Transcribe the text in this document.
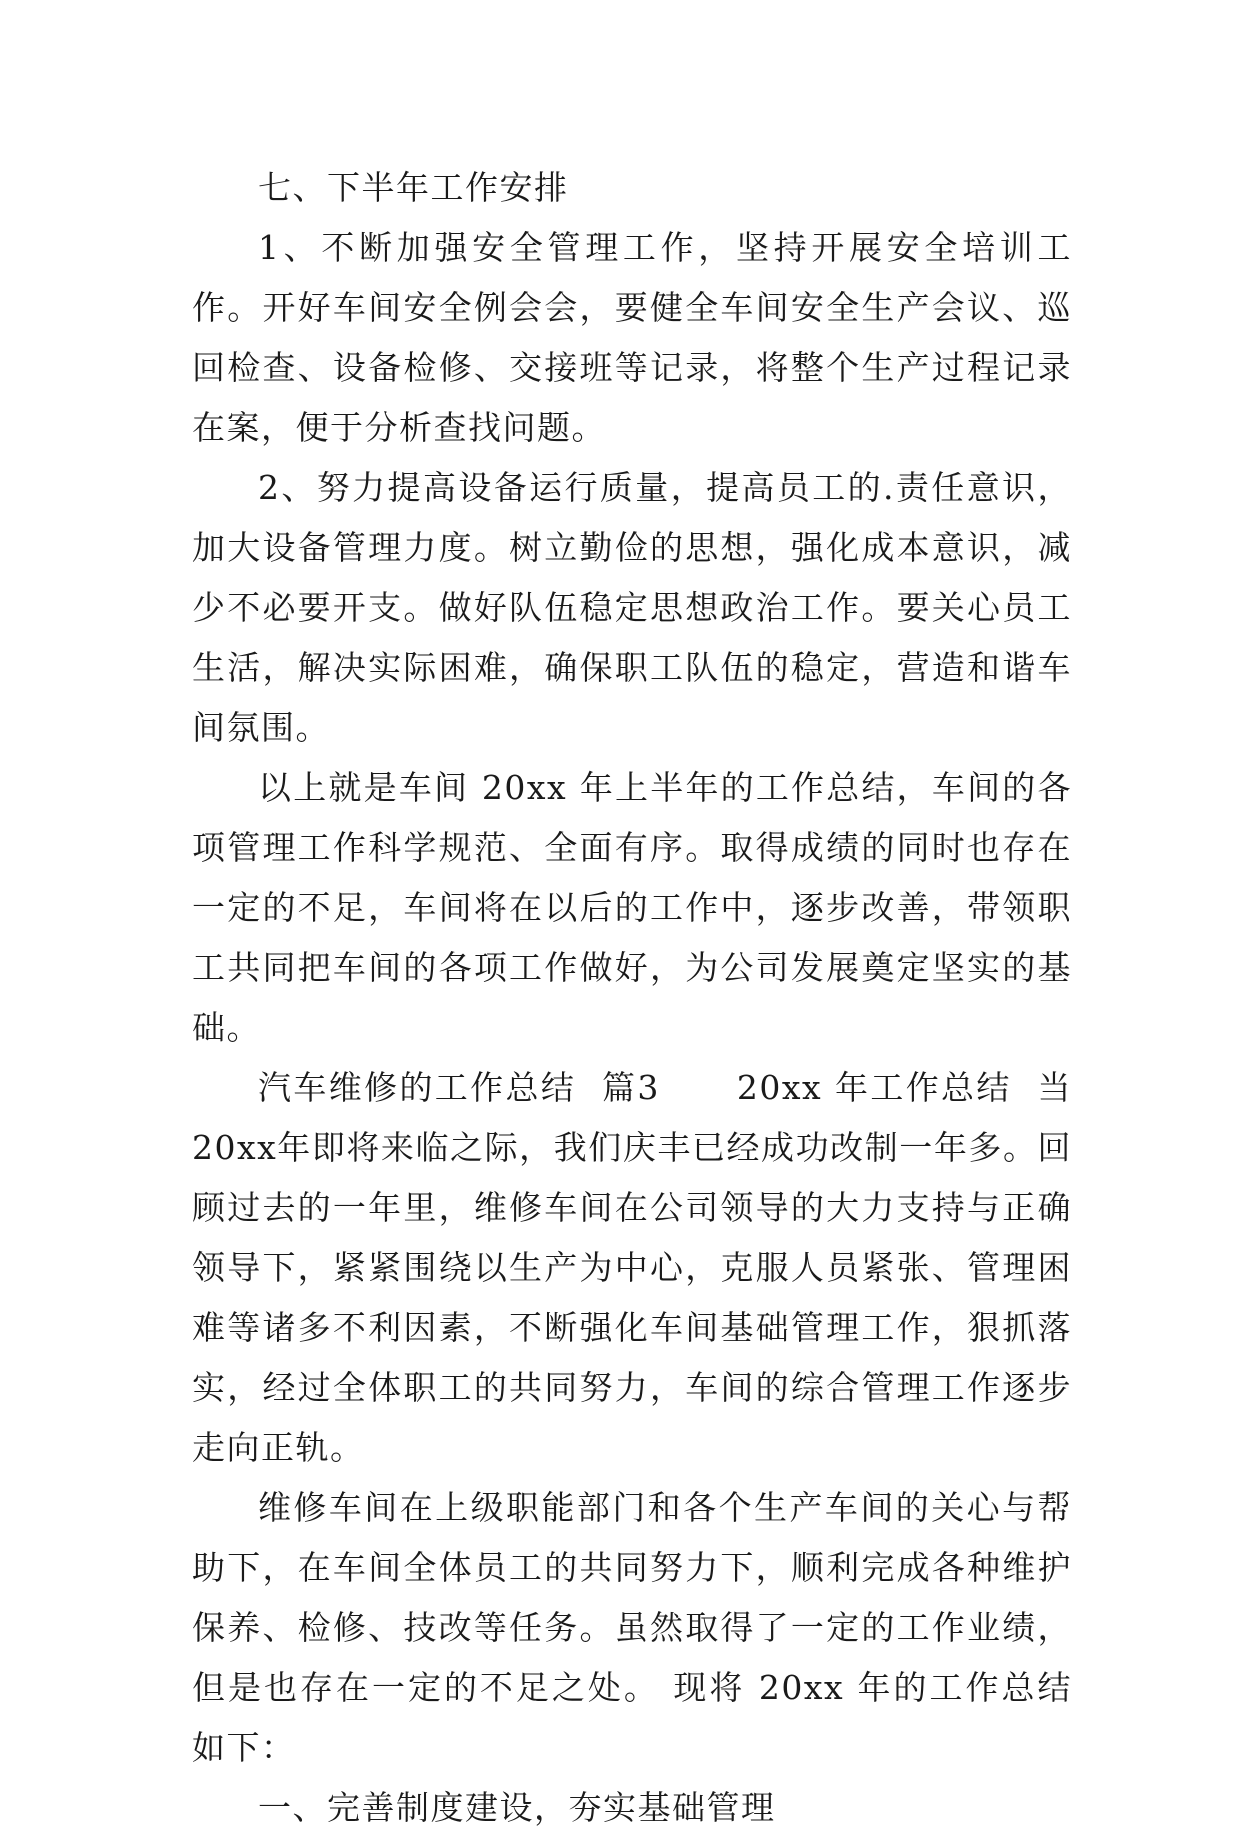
七、下半年工作安排

1、不断加强安全管理工作，坚持开展安全培训工作。开好车间安全例会会，要健全车间安全生产会议、巡回检查、设备检修、交接班等记录，将整个生产过程记录在案，便于分析查找问题。

2、努力提高设备运行质量，提高员工的.责任意识，加大设备管理力度。树立勤俭的思想，强化成本意识，减少不必要开支。做好队伍稳定思想政治工作。要关心员工生活，解决实际困难，确保职工队伍的稳定，营造和谐车间氛围。

以上就是车间 20xx 年上半年的工作总结，车间的各项管理工作科学规范、全面有序。取得成绩的同时也存在一定的不足，车间将在以后的工作中，逐步改善，带领职工共同把车间的各项工作做好，为公司发展奠定坚实的基础。

汽车维修的工作总结  篇3      20xx 年工作总结  当20xx年即将来临之际，我们庆丰已经成功改制一年多。回顾过去的一年里，维修车间在公司领导的大力支持与正确领导下，紧紧围绕以生产为中心，克服人员紧张、管理困难等诸多不利因素，不断强化车间基础管理工作，狠抓落实，经过全体职工的共同努力，车间的综合管理工作逐步走向正轨。

维修车间在上级职能部门和各个生产车间的关心与帮助下，在车间全体员工的共同努力下，顺利完成各种维护保养、检修、技改等任务。虽然取得了一定的工作业绩，但是也存在一定的不足之处。 现将 20xx 年的工作总结如下：

一、完善制度建设，夯实基础管理
